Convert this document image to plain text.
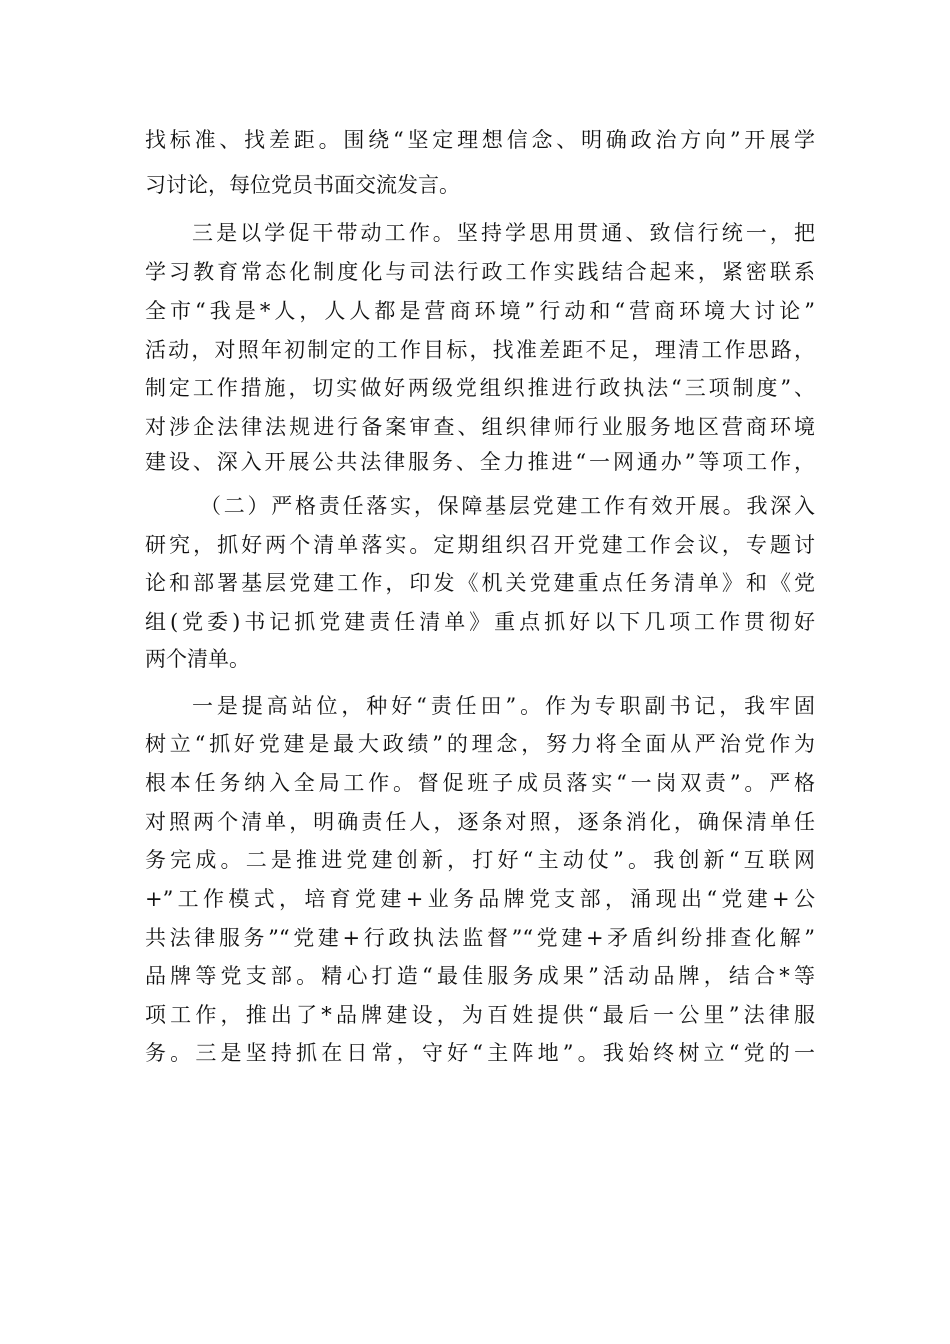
找标准、找差距。围绕“坚定理想信念、明确政治方向”开展学
习讨论，每位党员书面交流发言。
三是以学促干带动工作。坚持学思用贯通、致信行统一，把
学习教育常态化制度化与司法行政工作实践结合起来，紧密联系
全市“我是*人，人人都是营商环境”行动和“营商环境大讨论”
活动，对照年初制定的工作目标，找准差距不足，理清工作思路，
制定工作措施，切实做好两级党组织推进行政执法“三项制度”、
对涉企法律法规进行备案审查、组织律师行业服务地区营商环境
建设、深入开展公共法律服务、全力推进“一网通办”等项工作，
（二）严格责任落实，保障基层党建工作有效开展。我深入
研究，抓好两个清单落实。定期组织召开党建工作会议，专题讨
论和部署基层党建工作，印发《机关党建重点任务清单》和《党
组(党委)书记抓党建责任清单》重点抓好以下几项工作贯彻好
两个清单。
一是提高站位，种好“责任田”。作为专职副书记，我牢固
树立“抓好党建是最大政绩”的理念，努力将全面从严治党作为
根本任务纳入全局工作。督促班子成员落实“一岗双责”。严格
对照两个清单，明确责任人，逐条对照，逐条消化，确保清单任
务完成。二是推进党建创新，打好“主动仗”。我创新“互联网
+”工作模式，培育党建+业务品牌党支部，涌现出“党建+公
共法律服务”“党建+行政执法监督”“党建+矛盾纠纷排查化解”
品牌等党支部。精心打造“最佳服务成果”活动品牌，结合*等
项工作，推出了*品牌建设，为百姓提供“最后一公里”法律服
务。三是坚持抓在日常，守好“主阵地”。我始终树立“党的一
